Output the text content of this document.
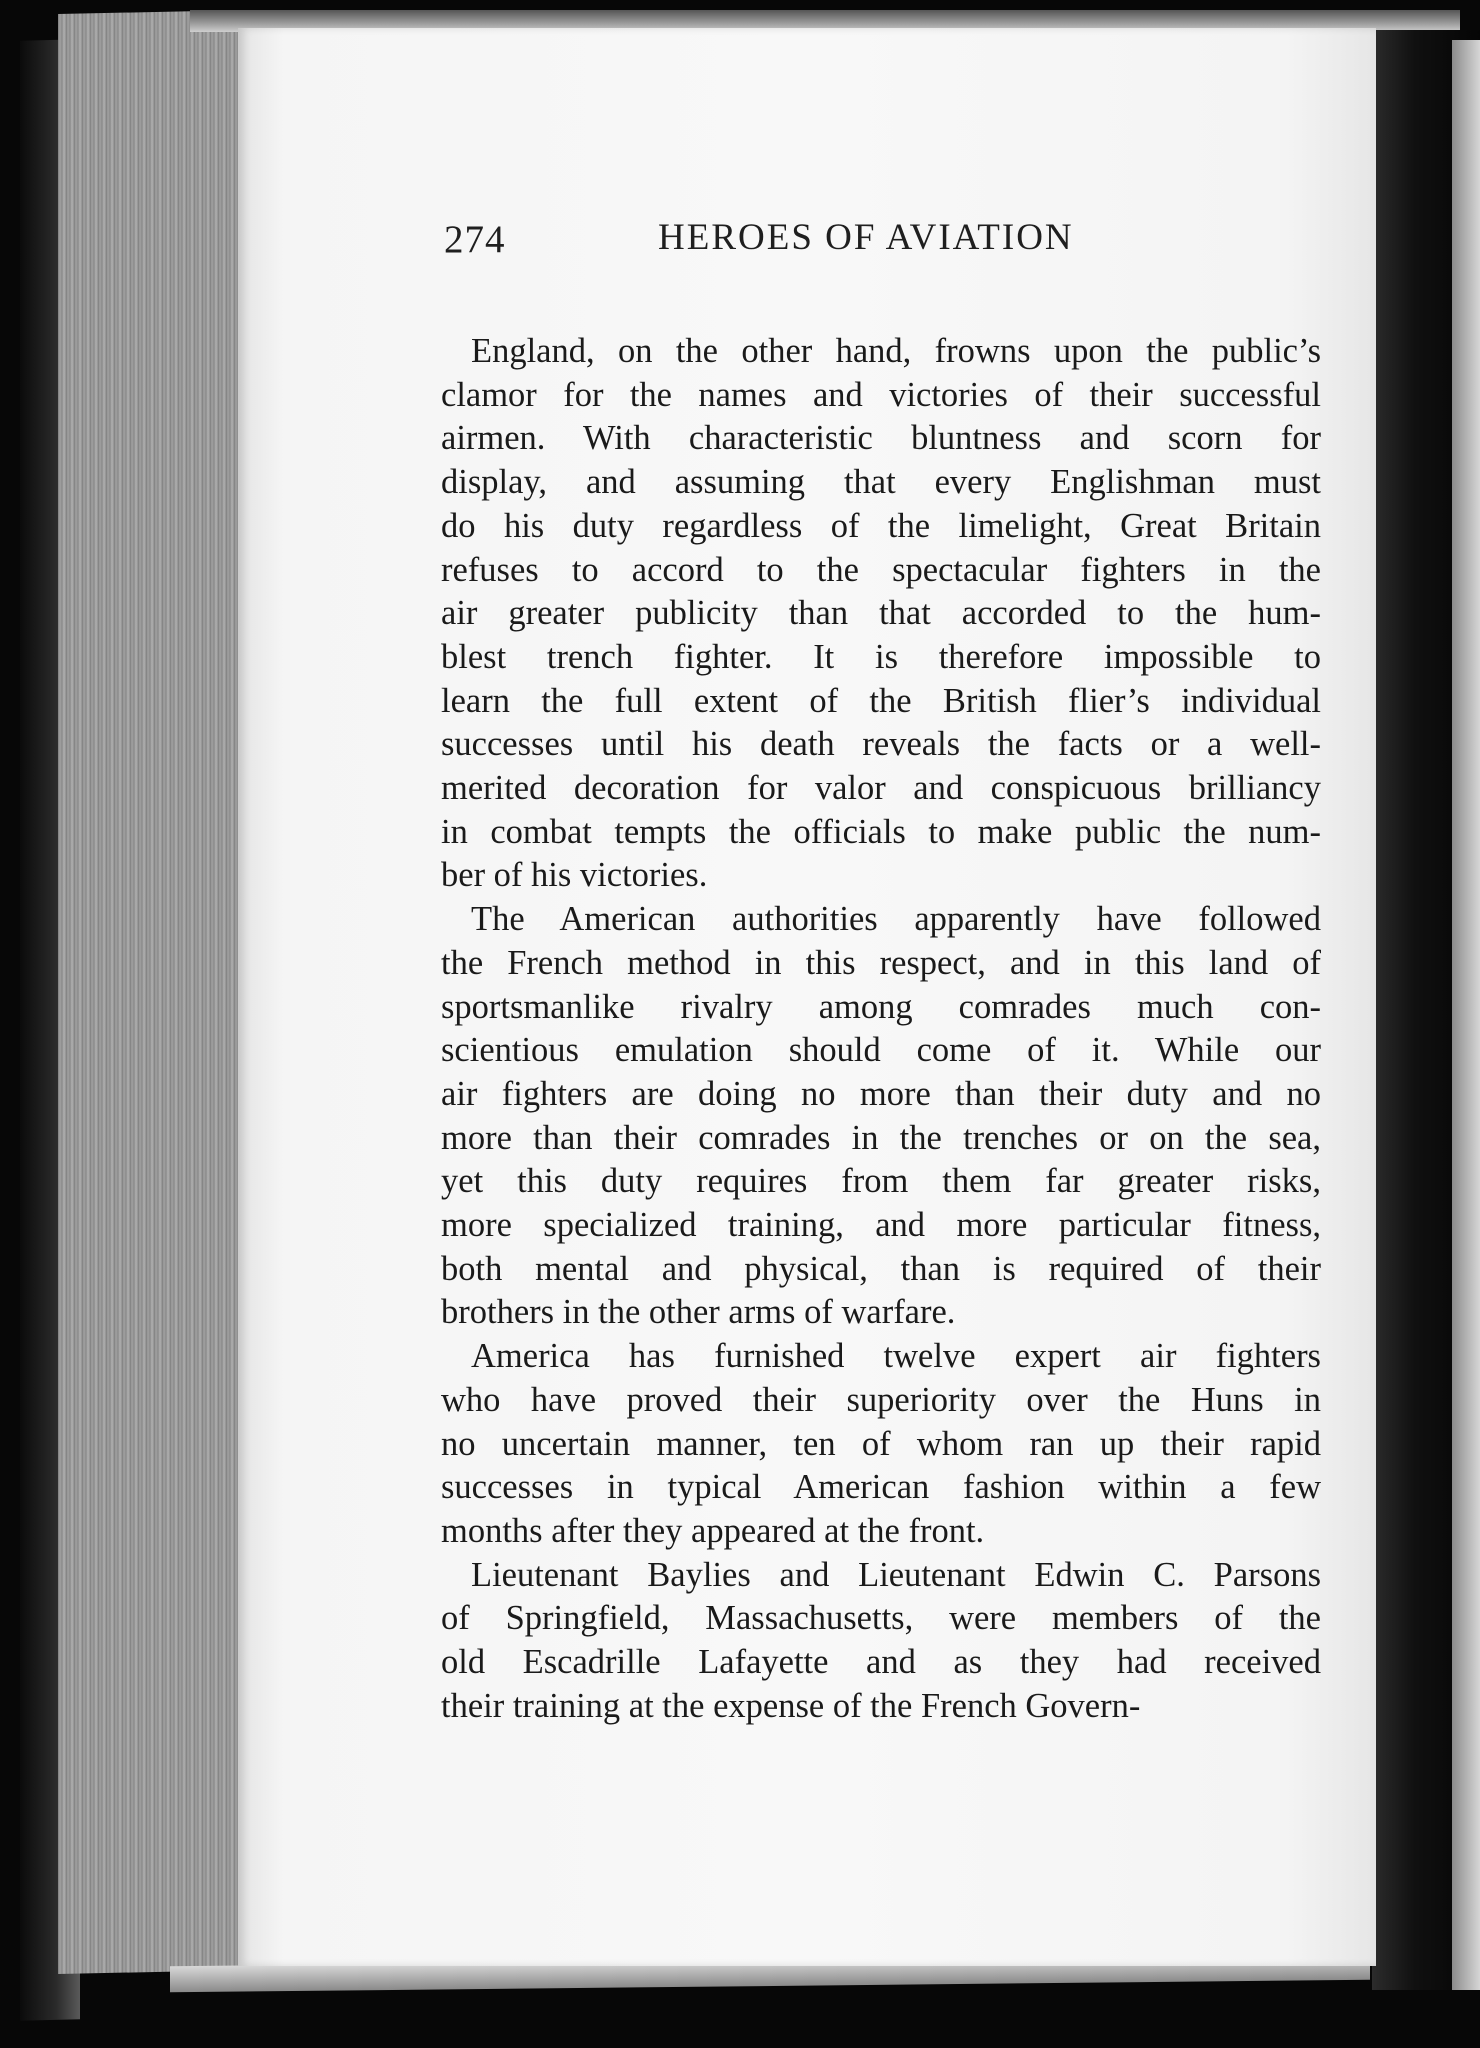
274	HEROES OF AVIATION
England, on the other hand, frowns upon the public’s
clamor for the names and victories of their successful
airmen. With characteristic bluntness and scorn for
display, and assuming that every Englishman must
do his duty regardless of the limelight, Great Britain
refuses to accord to the spectacular fighters in the
air greater publicity than that accorded to the hum-
blest trench fighter. It is therefore impossible to
learn the full extent of the British flier’s individual
successes until his death reveals the facts or a well-
merited decoration for valor and conspicuous brilliancy
in combat tempts the officials to make public the num-
ber of his victories.
The American authorities apparently have followed
the French method in this respect, and in this land of
sportsmanlike rivalry among comrades much con-
scientious emulation should come of it. While our
air fighters are doing no more than their duty and no
more than their comrades in the trenches or on the sea,
yet this duty requires from them far greater risks,
more specialized training, and more particular fitness,
both mental and physical, than is required of their
brothers in the other arms of warfare.
America has furnished twelve expert air fighters
who have proved their superiority over the Huns in
no uncertain manner, ten of whom ran up their rapid
successes in typical American fashion within a few
months after they appeared at the front.
Lieutenant Baylies and Lieutenant Edwin C. Parsons
of Springfield, Massachusetts, were members of the
old Escadrille Lafayette and as they had received
their training at the expense of the French Govern-
